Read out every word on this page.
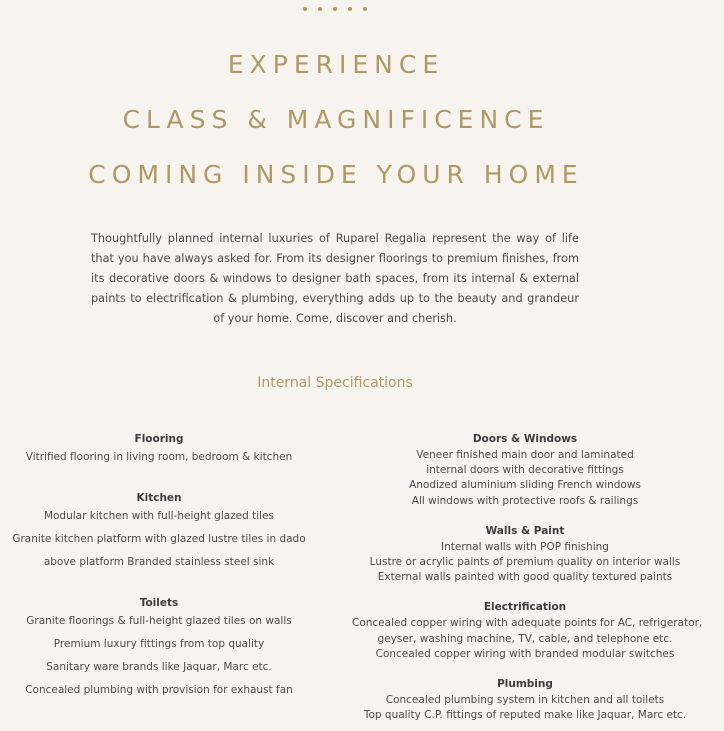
EXPERIENCE
CLASS & MAGNIFICENCE
COMING INSIDE YOUR HOME

Thoughtfully planned internal luxuries of Ruparel Regalia represent the way of life that you have always asked for. From its designer floorings to premium finishes, from its decorative doors & windows to designer bath spaces, from its internal & external paints to electrification & plumbing, everything adds up to the beauty and grandeur of your home. Come, discover and cherish.

Internal Specifications
Flooring
Vitrified flooring in living room, bedroom & kitchen
Kitchen
Modular kitchen with full-height glazed tiles
Granite kitchen platform with glazed lustre tiles in dado
above platform Branded stainless steel sink
Toilets
Granite floorings & full-height glazed tiles on walls
Premium luxury fittings from top quality
Sanitary ware brands like Jaquar, Marc etc.
Concealed plumbing with provision for exhaust fan
Doors & Windows
Veneer finished main door and laminated
internal doors with decorative fittings
Anodized aluminium sliding French windows
All windows with protective roofs & railings
Walls & Paint
Internal walls with POP finishing
Lustre or acrylic paints of premium quality on interior walls
External walls painted with good quality textured paints
Electrification
Concealed copper wiring with adequate points for AC, refrigerator,
geyser, washing machine, TV, cable, and telephone etc.
Concealed copper wiring with branded modular switches
Plumbing
Concealed plumbing system in kitchen and all toilets
Top quality C.P. fittings of reputed make like Jaquar, Marc etc.
